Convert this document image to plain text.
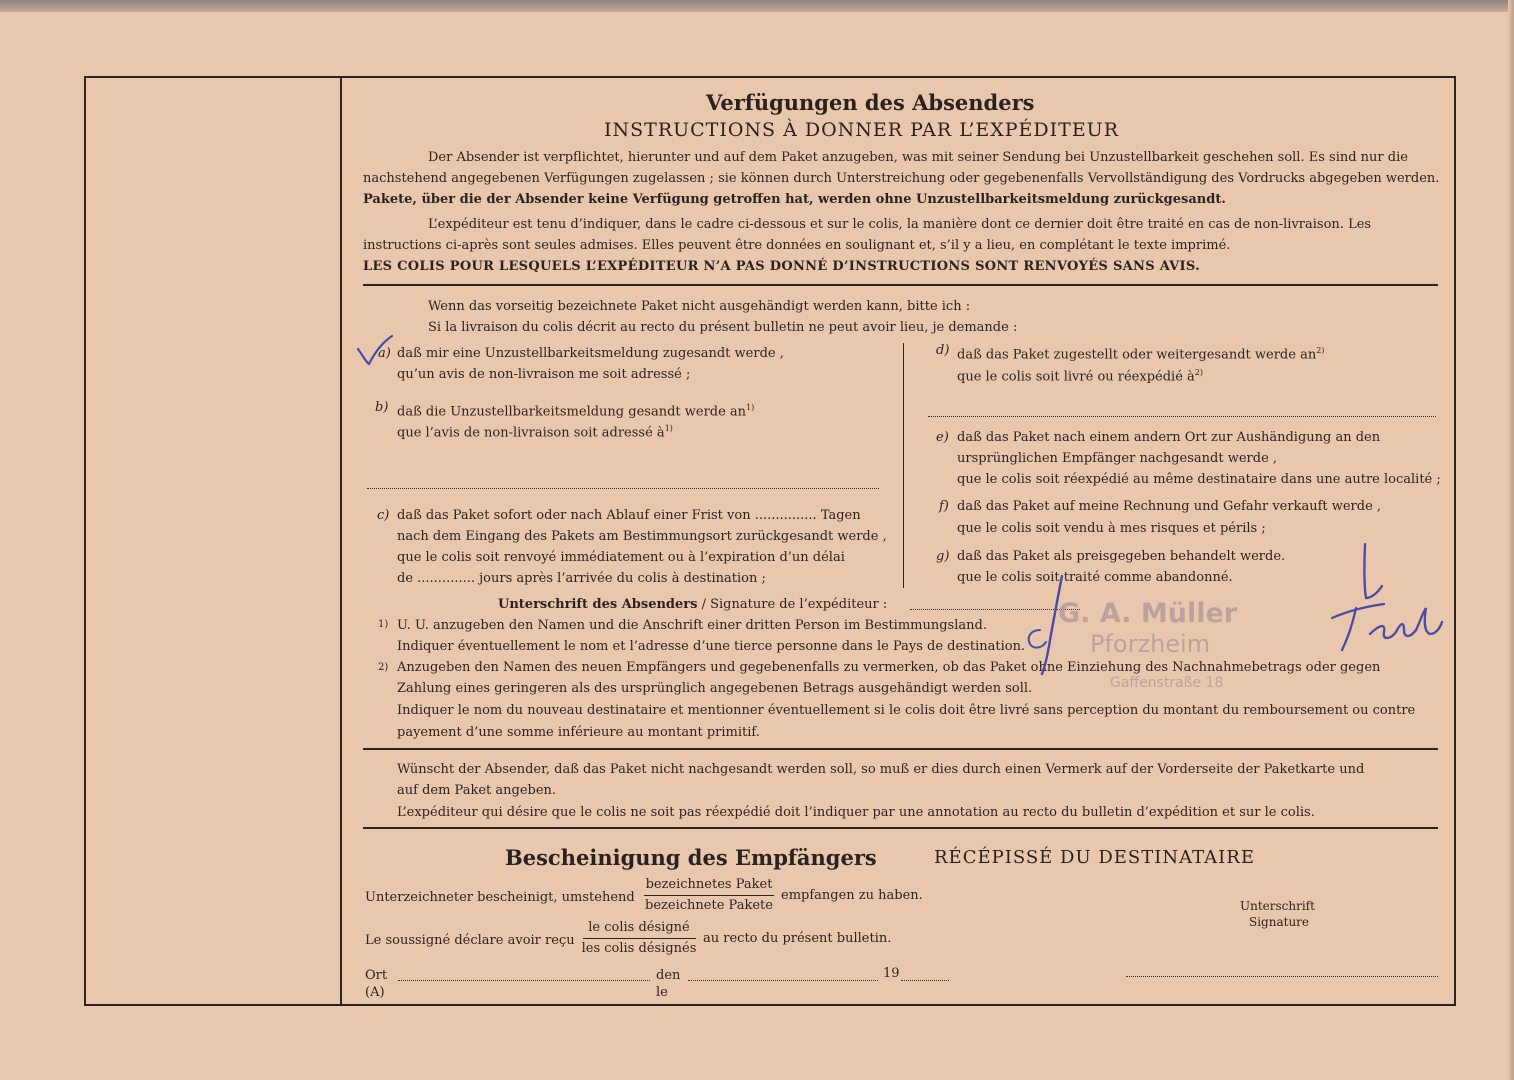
Verfügungen des Absenders
INSTRUCTIONS À DONNER PAR L’EXPÉDITEUR
Der Absender ist verpflichtet, hierunter und auf dem Paket anzugeben, was mit seiner Sendung bei Unzustellbarkeit geschehen soll. Es sind nur die
nachstehend angegebenen Verfügungen zugelassen ; sie können durch Unterstreichung oder gegebenenfalls Vervollständigung des Vordrucks abgegeben werden.
Pakete, über die der Absender keine Verfügung getroffen hat, werden ohne Unzustellbarkeitsmeldung zurückgesandt.
L’expéditeur est tenu d’indiquer, dans le cadre ci-dessous et sur le colis, la manière dont ce dernier doit être traité en cas de non-livraison. Les
instructions ci-après sont seules admises. Elles peuvent être données en soulignant et, s’il y a lieu, en complétant le texte imprimé.
LES COLIS POUR LESQUELS L’EXPÉDITEUR N’A PAS DONNÉ D’INSTRUCTIONS SONT RENVOYÉS SANS AVIS.
Wenn das vorseitig bezeichnete Paket nicht ausgehändigt werden kann, bitte ich :
Si la livraison du colis décrit au recto du présent bulletin ne peut avoir lieu, je demande :
a) daß mir eine Unzustellbarkeitsmeldung zugesandt werde ,
qu’un avis de non-livraison me soit adressé ;
b) daß die Unzustellbarkeitsmeldung gesandt werde $an^{1)}$
que l’avis de non-livraison soit adressé $à^{1)}$
c) daß das Paket sofort oder nach Ablauf einer Frist von ............... Tagen
nach dem Eingang des Pakets am Bestimmungsort zurückgesandt werde ,
que le colis soit renvoyé immédiatement ou à l’expiration d’un délai
de .............. jours après l’arrivée du colis à destination ;
d) daß das Paket zugestellt oder weitergesandt werde $an^{2)}$
que le colis soit livré ou réexpédié $à^{2)}$
e) daß das Paket nach einem andern Ort zur Aushändigung an den
ursprünglichen Empfänger nachgesandt werde ,
que le colis soit réexpédié au même destinataire dans une autre localité ;
f) daß das Paket auf meine Rechnung und Gefahr verkauft werde ,
que le colis soit vendu à mes risques et périls ;
g) daß das Paket als preisgegeben behandelt werde.
que le colis soit traité comme abandonné.
Unterschrift des Absenders / Signature de l’expéditeur :
1) U. U. anzugeben den Namen und die Anschrift einer dritten Person im Bestimmungsland.
Indiquer éventuellement le nom et l’adresse d’une tierce personne dans le Pays de destination.
2) Anzugeben den Namen des neuen Empfängers und gegebenenfalls zu vermerken, ob das Paket ohne Einziehung des Nachnahmebetrags oder gegen
Zahlung eines geringeren als des ursprünglich angegebenen Betrags ausgehändigt werden soll.
Indiquer le nom du nouveau destinataire et mentionner éventuellement si le colis doit être livré sans perception du montant du remboursement ou contre
payement d’une somme inférieure au montant primitif.
Wünscht der Absender, daß das Paket nicht nachgesandt werden soll, so muß er dies durch einen Vermerk auf der Vorderseite der Paketkarte und
auf dem Paket angeben.
L’expéditeur qui désire que le colis ne soit pas réexpédié doit l’indiquer par une annotation au recto du bulletin d’expédition et sur le colis.
Bescheinigung des Empfängers	RÉCÉPISSÉ DU DESTINATAIRE
Unterzeichneter bescheinigt, umstehend
bezeichnetes Paket
bezeichnete Pakete
empfangen zu haben.
Le soussigné déclare avoir reçu
le colis désigné
les colis désignés
au recto du présent bulletin.
Unterschrift
Signature
Ort
(A)
den
le
19
G. A. Müller
Pforzheim
Gaffenstraße 18
